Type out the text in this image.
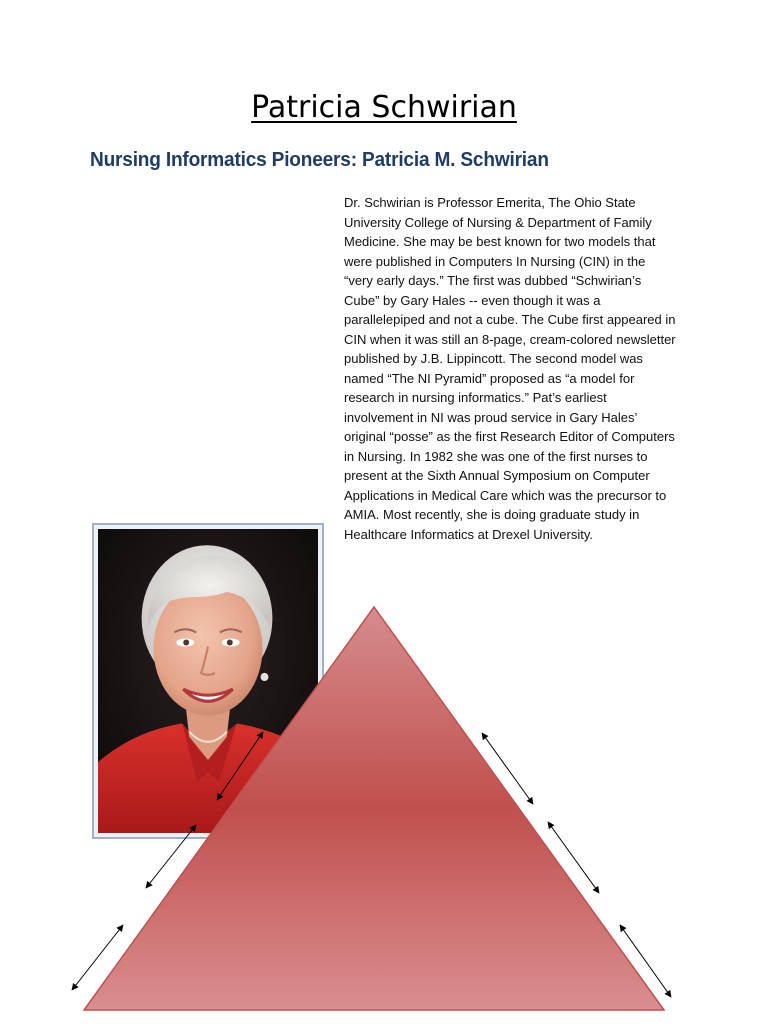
Patricia Schwirian
Nursing Informatics Pioneers: Patricia M. Schwirian

Dr. Schwirian is Professor Emerita, The Ohio State University College of Nursing & Department of Family Medicine. She may be best known for two models that were published in Computers In Nursing (CIN) in the “very early days.” The first was dubbed “Schwirian’s Cube” by Gary Hales -- even though it was a parallelepiped and not a cube. The Cube first appeared in CIN when it was still an 8-page, cream-colored newsletter published by J.B. Lippincott. The second model was named “The NI Pyramid” proposed as “a model for research in nursing informatics.” Pat’s earliest involvement in NI was proud service in Gary Hales’ original “posse” as the first Research Editor of Computers in Nursing. In 1982 she was one of the first nurses to present at the Sixth Annual Symposium on Computer Applications in Medical Care which was the precursor to AMIA. Most recently, she is doing graduate study in Healthcare Informatics at Drexel University.
